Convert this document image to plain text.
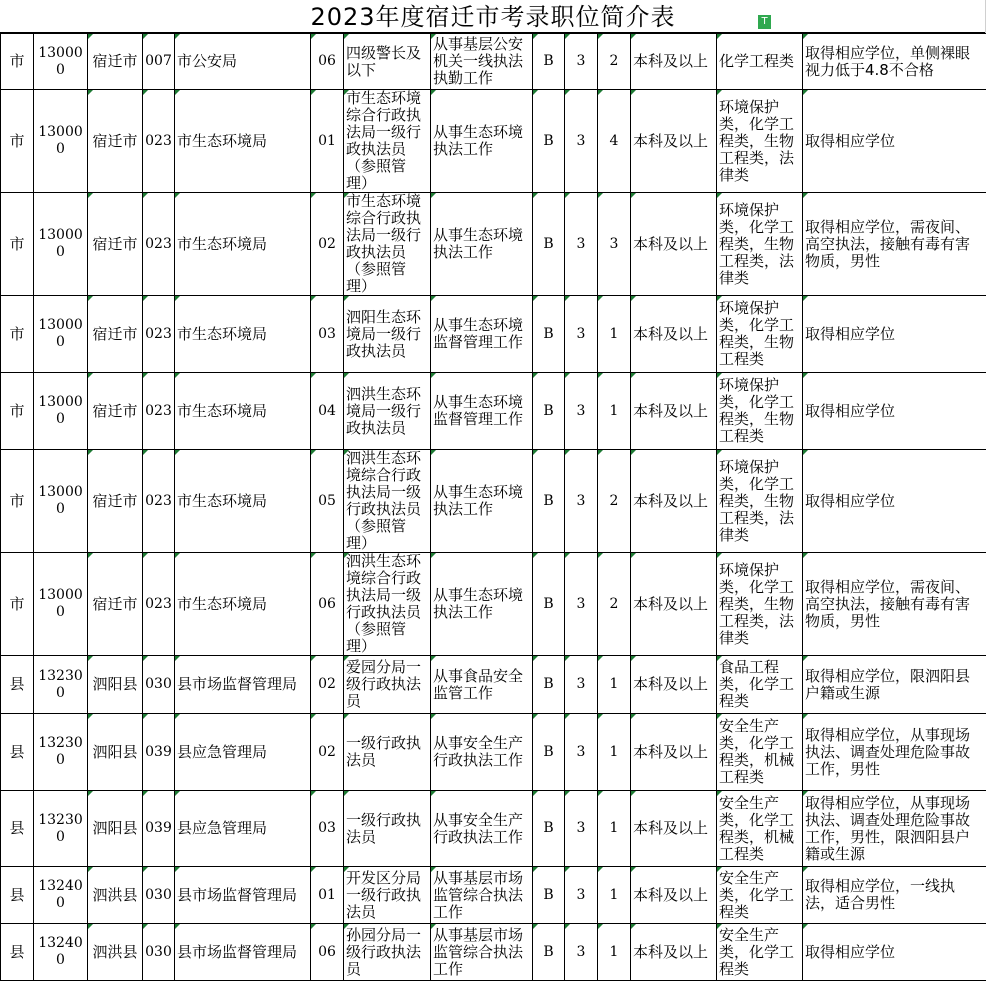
2023年度宿迁市考录职位简介表	T
市	130000	宿迁市	007	市公安局	06	四级警长及以下	从事基层公安机关一线执法执勤工作	B	3	2	本科及以上	化学工程类	取得相应学位，单侧裸眼视力低于4.8不合格

市	130000	宿迁市	023	市生态环境局	01	市生态环境综合行政执法局一级行政执法员（参照管理）	从事生态环境执法工作	B	3	4	本科及以上	环境保护类，化学工程类，生物工程类，法律类	取得相应学位

市	130000	宿迁市	023	市生态环境局	02	市生态环境综合行政执法局一级行政执法员（参照管理）	从事生态环境执法工作	B	3	3	本科及以上	环境保护类，化学工程类，生物工程类，法律类	取得相应学位，需夜间、高空执法，接触有毒有害物质，男性

市	130000	宿迁市	023	市生态环境局	03	泗阳生态环境局一级行政执法员	从事生态环境监督管理工作	B	3	1	本科及以上	环境保护类，化学工程类，生物工程类	取得相应学位

市	130000	宿迁市	023	市生态环境局	04	泗洪生态环境局一级行政执法员	从事生态环境监督管理工作	B	3	1	本科及以上	环境保护类，化学工程类，生物工程类	取得相应学位

市	130000	宿迁市	023	市生态环境局	05	泗洪生态环境综合行政执法局一级行政执法员（参照管理）	从事生态环境执法工作	B	3	2	本科及以上	环境保护类，化学工程类，生物工程类，法律类	取得相应学位

市	130000	宿迁市	023	市生态环境局	06	泗洪生态环境综合行政执法局一级行政执法员（参照管理）	从事生态环境执法工作	B	3	2	本科及以上	环境保护类，化学工程类，生物工程类，法律类	取得相应学位，需夜间、高空执法，接触有毒有害物质，男性

县	132300	泗阳县	030	县市场监督管理局	02	爱园分局一级行政执法员	从事食品安全监管工作	B	3	1	本科及以上	食品工程类，化学工程类	取得相应学位，限泗阳县户籍或生源

县	132300	泗阳县	039	县应急管理局	02	一级行政执法员	从事安全生产行政执法工作	B	3	1	本科及以上	安全生产类，化学工程类，机械工程类	取得相应学位，从事现场执法、调查处理危险事故工作，男性

县	132300	泗阳县	039	县应急管理局	03	一级行政执法员	从事安全生产行政执法工作	B	3	1	本科及以上	安全生产类，化学工程类，机械工程类	取得相应学位，从事现场执法、调查处理危险事故工作，男性，限泗阳县户籍或生源

县	132400	泗洪县	030	县市场监督管理局	01	开发区分局一级行政执法员	从事基层市场监管综合执法工作	B	3	1	本科及以上	安全生产类，化学工程类	取得相应学位，一线执法，适合男性

县	132400	泗洪县	030	县市场监督管理局	06	孙园分局一级行政执法员	从事基层市场监管综合执法工作	B	3	1	本科及以上	安全生产类，化学工程类	取得相应学位
